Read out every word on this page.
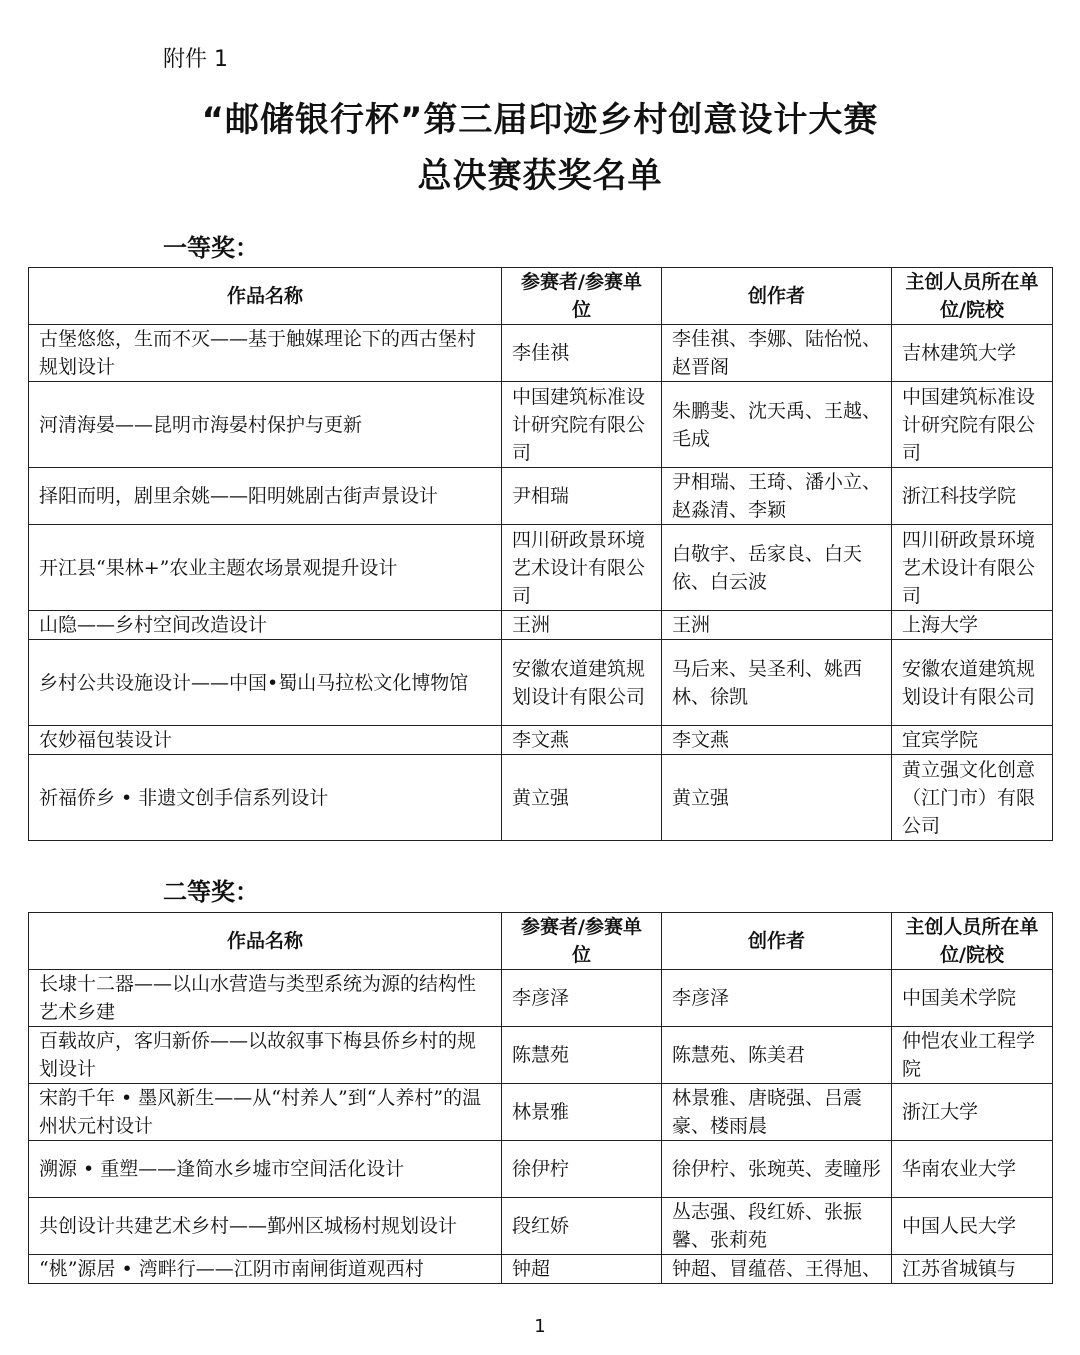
附件 1
“邮储银行杯”第三届印迹乡村创意设计大赛
总决赛获奖名单
一等奖：
作品名称	参赛者/参赛单位	创作者	主创人员所在单位/院校
古堡悠悠，生而不灭——基于触媒理论下的西古堡村规划设计	李佳祺	李佳祺、李娜、陆怡悦、赵晋阁	吉林建筑大学
河清海晏——昆明市海晏村保护与更新	中国建筑标准设计研究院有限公司	朱鹏斐、沈天禹、王越、毛成	中国建筑标准设计研究院有限公司
择阳而明，剧里余姚——阳明姚剧古街声景设计	尹相瑞	尹相瑞、王琦、潘小立、赵淼清、李颖	浙江科技学院
开江县“果林+”农业主题农场景观提升设计	四川研政景环境艺术设计有限公司	白敬宇、岳家良、白天依、白云波	四川研政景环境艺术设计有限公司
山隐——乡村空间改造设计	王洲	王洲	上海大学
乡村公共设施设计——中国•蜀山马拉松文化博物馆	安徽农道建筑规划设计有限公司	马后来、吴圣利、姚西林、徐凯	安徽农道建筑规划设计有限公司
农妙福包装设计	李文燕	李文燕	宜宾学院
祈福侨乡 • 非遗文创手信系列设计	黄立强	黄立强	黄立强文化创意（江门市）有限公司
二等奖：
作品名称	参赛者/参赛单位	创作者	主创人员所在单位/院校
长埭十二器——以山水营造与类型系统为源的结构性艺术乡建	李彦泽	李彦泽	中国美术学院
百载故庐，客归新侨——以故叙事下梅县侨乡村的规划设计	陈慧苑	陈慧苑、陈美君	仲恺农业工程学院
宋韵千年 • 墨风新生——从“村养人”到“人养村”的温州状元村设计	林景雅	林景雅、唐晓强、吕震豪、楼雨晨	浙江大学
溯源 • 重塑——逢简水乡墟市空间活化设计	徐伊柠	徐伊柠、张琬英、麦瞳彤	华南农业大学
共创设计共建艺术乡村——鄞州区城杨村规划设计	段红娇	丛志强、段红娇、张振馨、张莉苑	中国人民大学
“桃”源居 • 湾畔行——江阴市南闸街道观西村	钟超	钟超、冒蕴蓓、王得旭、	江苏省城镇与
1
